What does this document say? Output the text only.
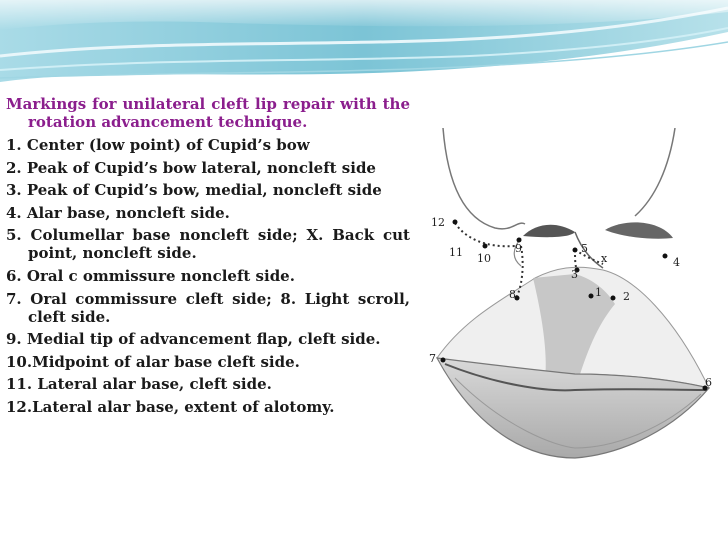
Markings for unilateral cleft lip repair with the rotation advancement technique.
1. Center (low point) of Cupid’s bow
2. Peak of Cupid’s bow lateral, noncleft side
3. Peak of Cupid’s bow, medial, noncleft side
4. Alar base, noncleft side.
5. Columellar base noncleft side; X. Back cut point, noncleft side.
6. Oral c ommissure noncleft side.
7. Oral commissure cleft side; 8. Light scroll, cleft side.
9. Medial tip of advancement flap, cleft side.
10.Midpoint of alar base cleft side.
11. Lateral alar base, cleft side.
12.Lateral alar base, extent of alotomy.
12
11 10
9
8
5
x
3
1 2
4
7
6
